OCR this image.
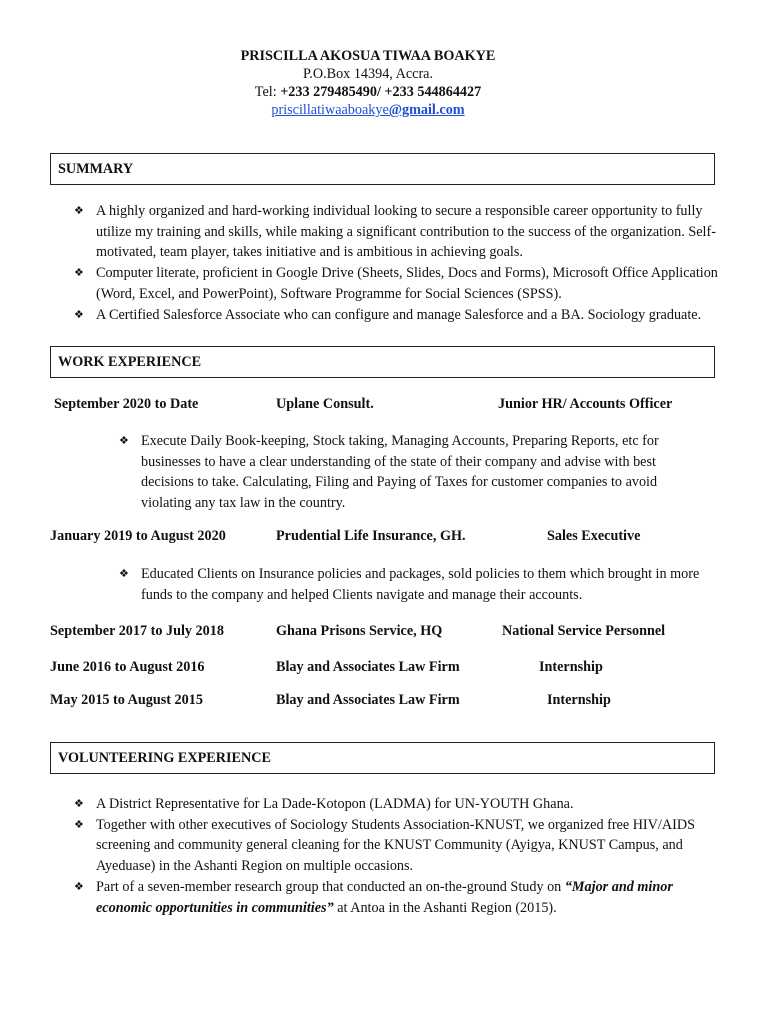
PRISCILLA AKOSUA TIWAA BOAKYE
P.O.Box 14394, Accra.
Tel: +233 279485490/ +233 544864427
priscillatiwaaboakye@gmail.com
SUMMARY
❖ A highly organized and hard-working individual looking to secure a responsible career opportunity to fully utilize my training and skills, while making a significant contribution to the success of the organization. Self-motivated, team player, takes initiative and is ambitious in achieving goals.
❖ Computer literate, proficient in Google Drive (Sheets, Slides, Docs and Forms), Microsoft Office Application (Word, Excel, and PowerPoint), Software Programme for Social Sciences (SPSS).
❖ A Certified Salesforce Associate who can configure and manage Salesforce and a BA. Sociology graduate.
WORK EXPERIENCE
September 2020 to Date	Uplane Consult.	Junior HR/ Accounts Officer
❖ Execute Daily Book-keeping, Stock taking, Managing Accounts, Preparing Reports, etc for businesses to have a clear understanding of the state of their company and advise with best decisions to take. Calculating, Filing and Paying of Taxes for customer companies to avoid violating any tax law in the country.
January 2019 to August 2020	Prudential Life Insurance, GH.	Sales Executive
❖ Educated Clients on Insurance policies and packages, sold policies to them which brought in more funds to the company and helped Clients navigate and manage their accounts.
September 2017 to July 2018	Ghana Prisons Service, HQ	National Service Personnel
June 2016 to August 2016	Blay and Associates Law Firm	Internship
May 2015 to August 2015	Blay and Associates Law Firm	Internship
VOLUNTEERING EXPERIENCE
❖ A District Representative for La Dade-Kotopon (LADMA) for UN-YOUTH Ghana.
❖ Together with other executives of Sociology Students Association-KNUST, we organized free HIV/AIDS screening and community general cleaning for the KNUST Community (Ayigya, KNUST Campus, and Ayeduase) in the Ashanti Region on multiple occasions.
❖ Part of a seven-member research group that conducted an on-the-ground Study on “Major and minor economic opportunities in communities” at Antoa in the Ashanti Region (2015).
